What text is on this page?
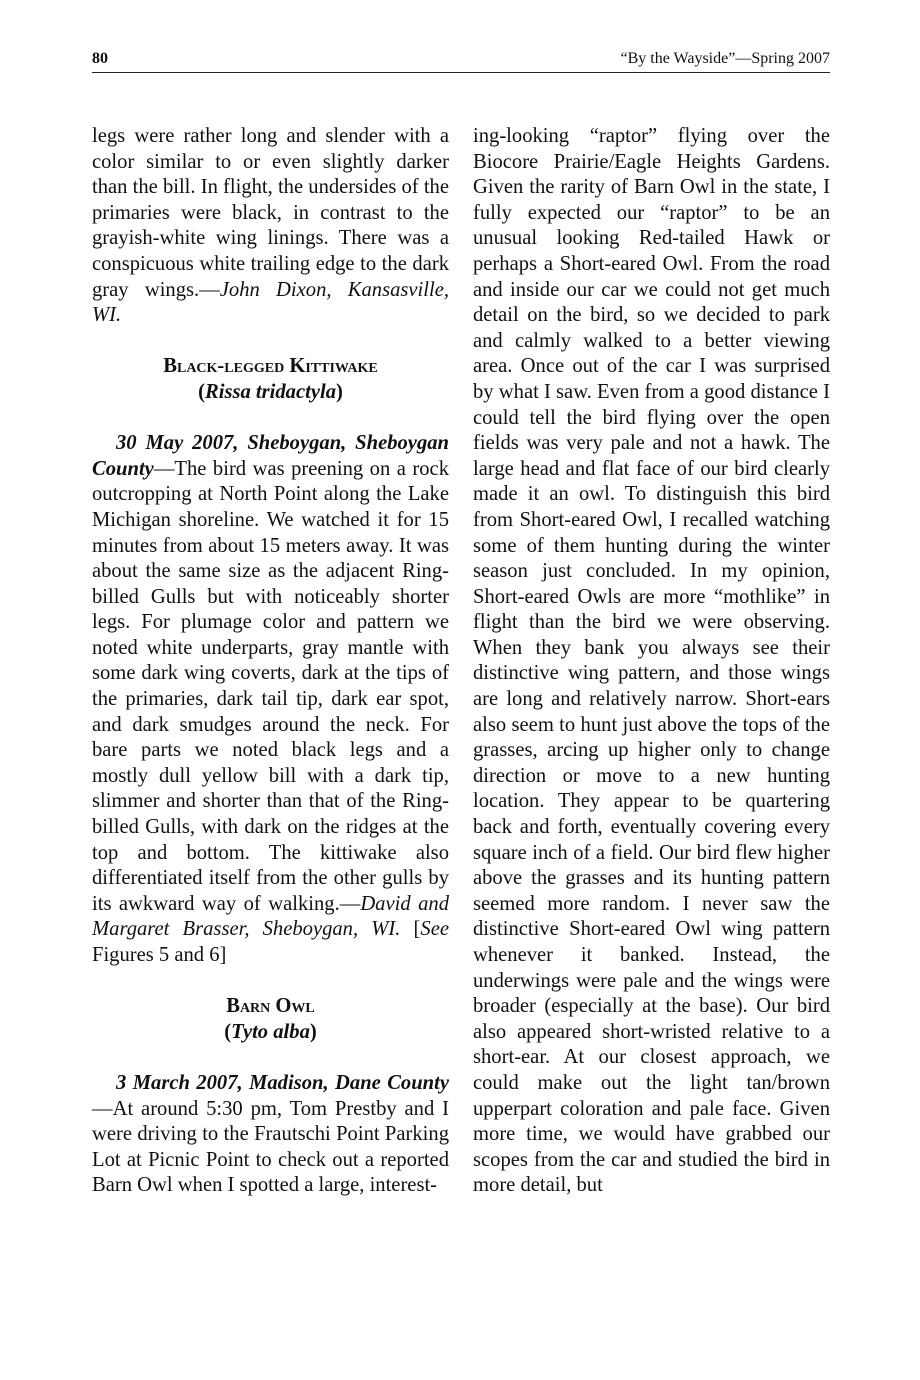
80	“By the Wayside”—Spring 2007

legs were rather long and slender with a color similar to or even slightly darker than the bill. In flight, the undersides of the primaries were black, in contrast to the grayish-white wing linings. There was a conspicuous white trailing edge to the dark gray wings.—John Dixon, Kansasville, WI.

Black-legged Kittiwake
(Rissa tridactyla)

30 May 2007, Sheboygan, Sheboygan County—The bird was preening on a rock outcropping at North Point along the Lake Michigan shoreline. We watched it for 15 minutes from about 15 meters away. It was about the same size as the adjacent Ring-billed Gulls but with noticeably shorter legs. For plumage color and pattern we noted white underparts, gray mantle with some dark wing coverts, dark at the tips of the primaries, dark tail tip, dark ear spot, and dark smudges around the neck. For bare parts we noted black legs and a mostly dull yellow bill with a dark tip, slimmer and shorter than that of the Ring-billed Gulls, with dark on the ridges at the top and bottom. The kittiwake also differentiated itself from the other gulls by its awkward way of walking.—David and Margaret Brasser, Sheboygan, WI. [See Figures 5 and 6]

Barn Owl
(Tyto alba)

3 March 2007, Madison, Dane County—At around 5:30 pm, Tom Prestby and I were driving to the Frautschi Point Parking Lot at Picnic Point to check out a reported Barn Owl when I spotted a large, interest-

ing-looking “raptor” flying over the Biocore Prairie/Eagle Heights Gardens. Given the rarity of Barn Owl in the state, I fully expected our “raptor” to be an unusual looking Red-tailed Hawk or perhaps a Short-eared Owl. From the road and inside our car we could not get much detail on the bird, so we decided to park and calmly walked to a better viewing area. Once out of the car I was surprised by what I saw. Even from a good distance I could tell the bird flying over the open fields was very pale and not a hawk. The large head and flat face of our bird clearly made it an owl. To distinguish this bird from Short-eared Owl, I recalled watching some of them hunting during the winter season just concluded. In my opinion, Short-eared Owls are more “mothlike” in flight than the bird we were observing. When they bank you always see their distinctive wing pattern, and those wings are long and relatively narrow. Short-ears also seem to hunt just above the tops of the grasses, arcing up higher only to change direction or move to a new hunting location. They appear to be quartering back and forth, eventually covering every square inch of a field. Our bird flew higher above the grasses and its hunting pattern seemed more random. I never saw the distinctive Short-eared Owl wing pattern whenever it banked. Instead, the underwings were pale and the wings were broader (especially at the base). Our bird also appeared short-wristed relative to a short-ear. At our closest approach, we could make out the light tan/brown upperpart coloration and pale face. Given more time, we would have grabbed our scopes from the car and studied the bird in more detail, but
